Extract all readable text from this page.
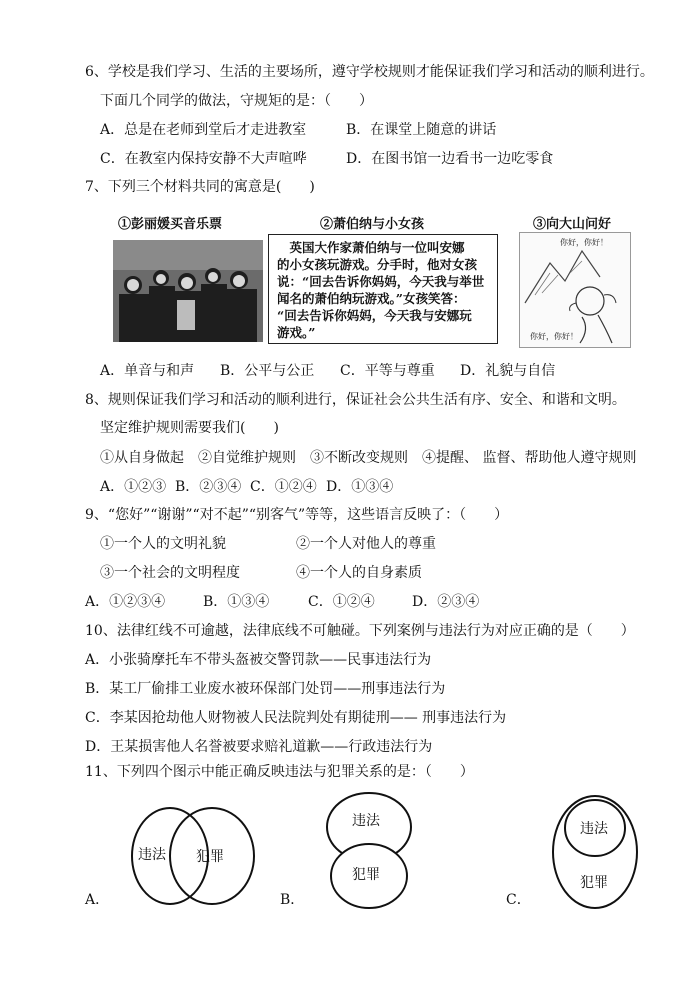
6、学校是我们学习、生活的主要场所，遵守学校规则才能保证我们学习和活动的顺利进行。
下面几个同学的做法，守规矩的是：（　　）
A．总是在老师到堂后才走进教室	B．在课堂上随意的讲话
C．在教室内保持安静不大声喧哗	D．在图书馆一边看书一边吃零食
7、下列三个材料共同的寓意是(　　)
①彭丽媛买音乐票	②萧伯纳与小女孩	③向大山问好
　英国大作家萧伯纳与一位叫安娜
的小女孩玩游戏。分手时，他对女孩
说：“回去告诉你妈妈，今天我与举世
闻名的萧伯纳玩游戏。”女孩笑答：
“回去告诉你妈妈，今天我与安娜玩
游戏。”
你好，你好！
你好，你好！
A．单音与和声 B．公平与公正 C．平等与尊重 D．礼貌与自信
8、规则保证我们学习和活动的顺利进行，保证社会公共生活有序、安全、和谐和文明。
坚定维护规则需要我们(　　)
①从自身做起　②自觉维护规则　③不断改变规则　④提醒、 监督、帮助他人遵守规则
A．①②③ B．②③④ C．①②④ D．①③④
9、“您好”“谢谢”“对不起”“别客气”等等，这些语言反映了：（　　）
①一个人的文明礼貌	②一个人对他人的尊重
③一个社会的文明程度	④一个人的自身素质
A．①②③④	B．①③④	C．①②④	D．②③④
10、法律红线不可逾越，法律底线不可触碰。下列案例与违法行为对应正确的是（　　）
A．小张骑摩托车不带头盔被交警罚款——民事违法行为
B．某工厂偷排工业废水被环保部门处罚——刑事违法行为
C．李某因抢劫他人财物被人民法院判处有期徒刑—— 刑事违法行为
D．王某损害他人名誉被要求赔礼道歉——行政违法行为
11、下列四个图示中能正确反映违法与犯罪关系的是：（　　）
违法 犯罪
A．
违法
犯罪
B．
违法
犯罪
C．
